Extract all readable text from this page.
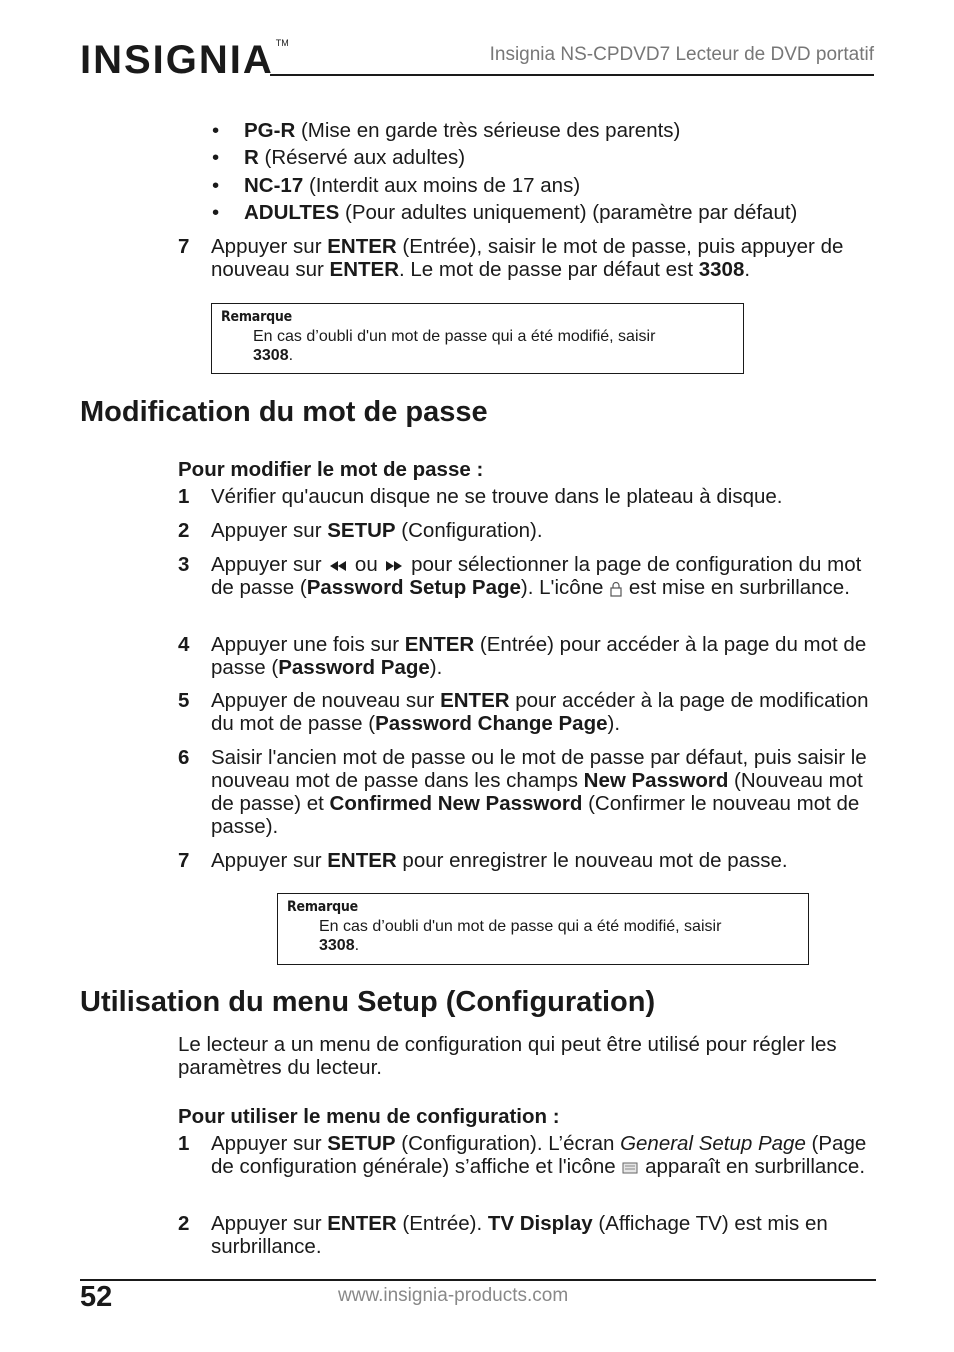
INSIGNIA ™
Insignia NS-CPDVD7 Lecteur de DVD portatif
• PG-R (Mise en garde très sérieuse des parents)
• R (Réservé aux adultes)
• NC-17 (Interdit aux moins de 17 ans)
• ADULTES (Pour adultes uniquement) (paramètre par défaut)
7 Appuyer sur ENTER (Entrée), saisir le mot de passe, puis appuyer de nouveau sur ENTER. Le mot de passe par défaut est 3308.
Remarque
En cas d’oubli d'un mot de passe qui a été modifié, saisir
3308.
Modification du mot de passe
Pour modifier le mot de passe :
1 Vérifier qu'aucun disque ne se trouve dans le plateau à disque.
2 Appuyer sur SETUP (Configuration).
3 Appuyer sur  ou  pour sélectionner la page de configuration du mot de passe (Password Setup Page). L'icône  est mise en surbrillance.
4 Appuyer une fois sur ENTER (Entrée) pour accéder à la page du mot de passe (Password Page).
5 Appuyer de nouveau sur ENTER pour accéder à la page de modification du mot de passe (Password Change Page).
6 Saisir l'ancien mot de passe ou le mot de passe par défaut, puis saisir le nouveau mot de passe dans les champs New Password (Nouveau mot de passe) et Confirmed New Password (Confirmer le nouveau mot de passe).
7 Appuyer sur ENTER pour enregistrer le nouveau mot de passe.
Remarque
En cas d’oubli d'un mot de passe qui a été modifié, saisir
3308.
Utilisation du menu Setup (Configuration)
Le lecteur a un menu de configuration qui peut être utilisé pour régler les paramètres du lecteur.
Pour utiliser le menu de configuration :
1 Appuyer sur SETUP (Configuration). L’écran General Setup Page (Page de configuration générale) s’affiche et l'icône  apparaît en surbrillance.
2 Appuyer sur ENTER (Entrée). TV Display (Affichage TV) est mis en surbrillance.
52	www.insignia-products.com
